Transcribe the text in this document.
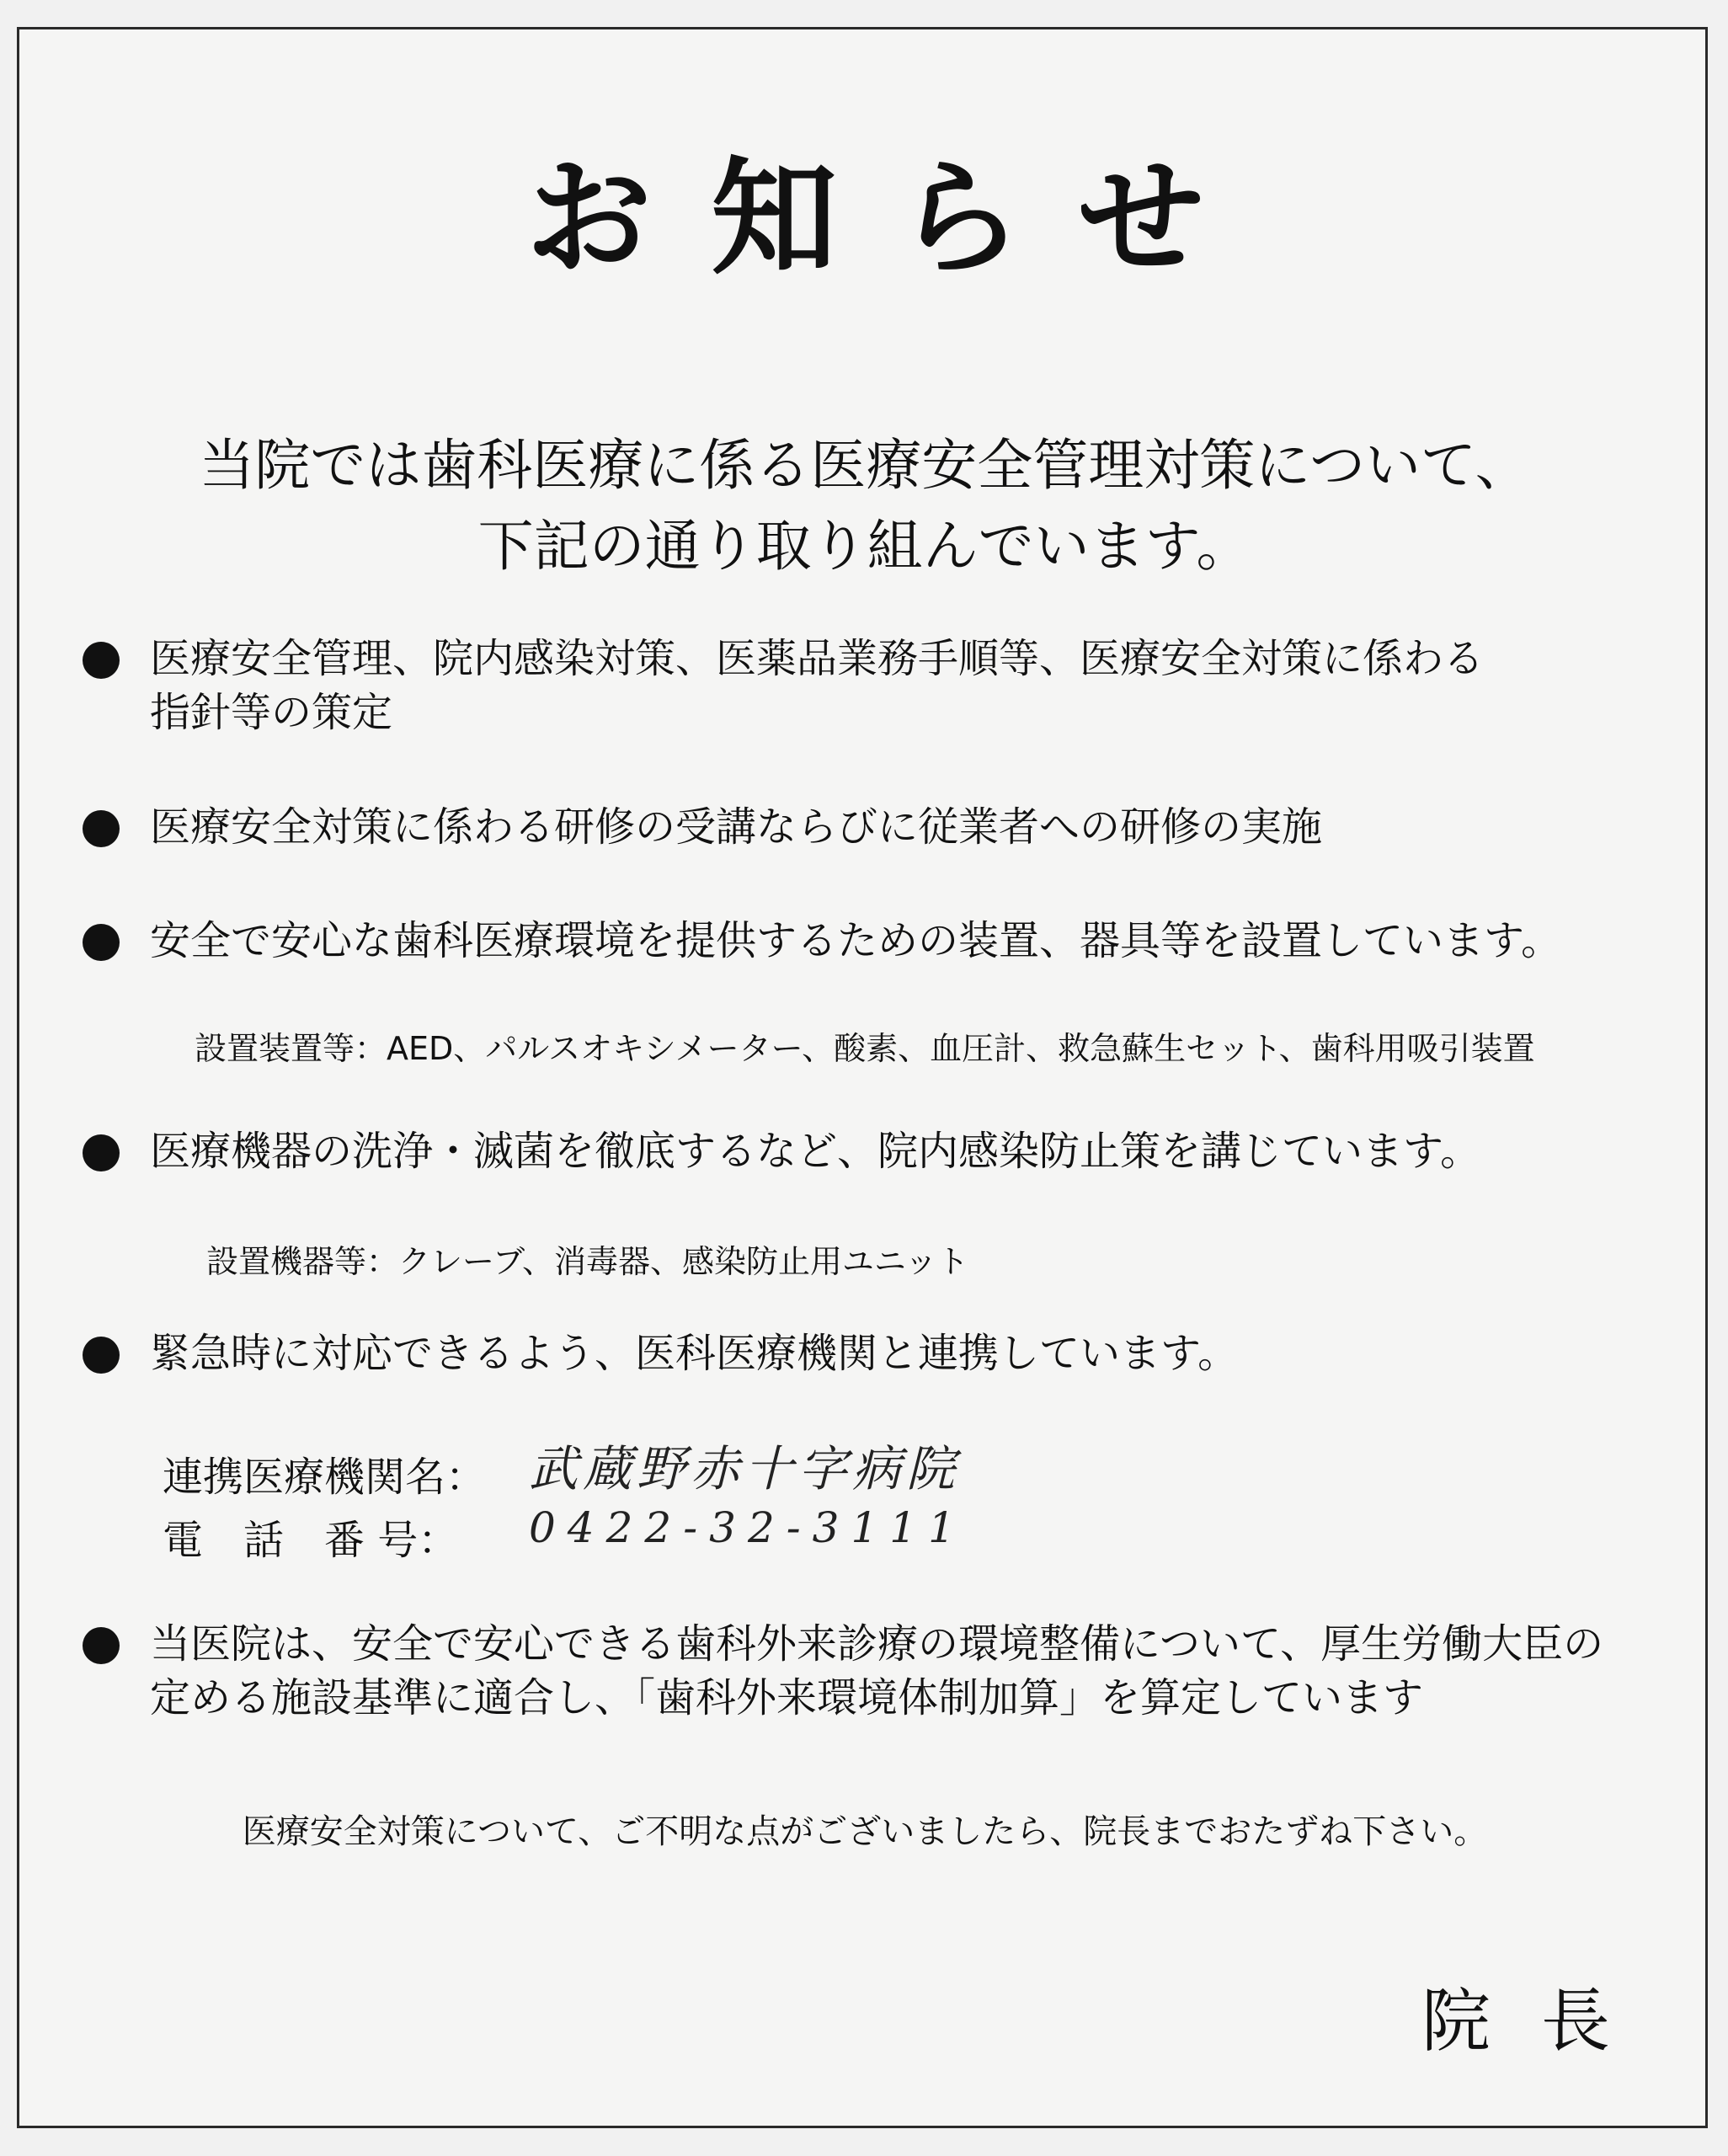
お知らせ
当院では歯科医療に係る医療安全管理対策について、
下記の通り取り組んでいます。
医療安全管理、院内感染対策、医薬品業務手順等、医療安全対策に係わる
指針等の策定
医療安全対策に係わる研修の受講ならびに従業者への研修の実施
安全で安心な歯科医療環境を提供するための装置、器具等を設置しています。
設置装置等：AED、パルスオキシメーター、酸素、血圧計、救急蘇生セット、歯科用吸引装置
医療機器の洗浄・滅菌を徹底するなど、院内感染防止策を講じています。
設置機器等：クレーブ、消毒器、感染防止用ユニット
緊急時に対応できるよう、医科医療機関と連携しています。
連携医療機関名： 武蔵野赤十字病院
電　話　番 号： 0422-32-3111
当医院は、安全で安心できる歯科外来診療の環境整備について、厚生労働大臣の
定める施設基準に適合し、「歯科外来環境体制加算」を算定しています
医療安全対策について、ご不明な点がございましたら、院長までおたずね下さい。
院長
